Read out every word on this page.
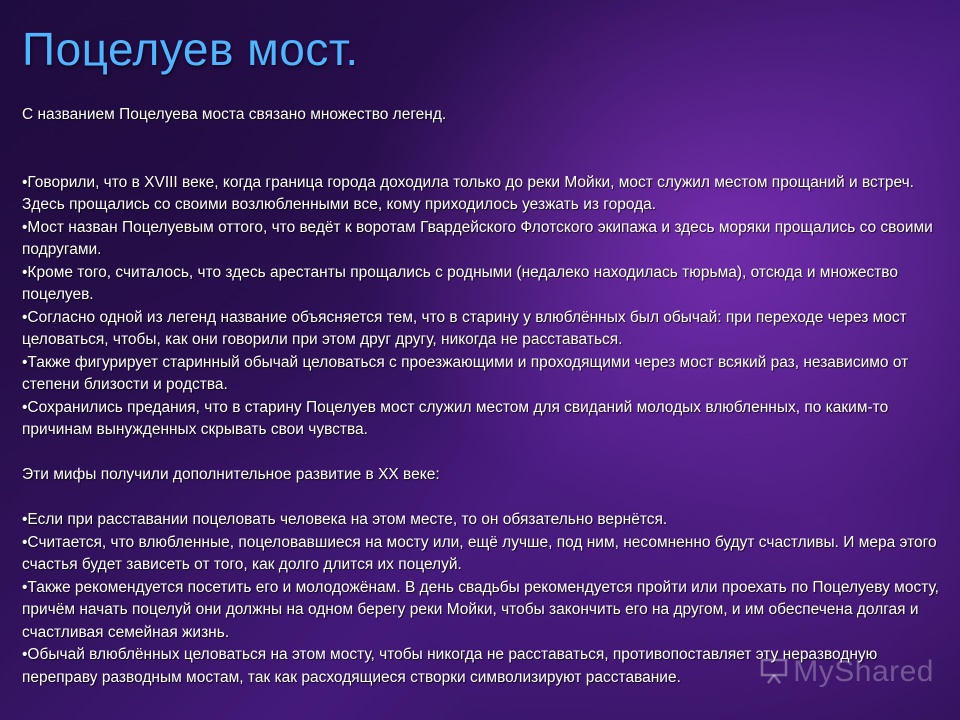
Поцелуев мост.

С названием Поцелуева моста связано множество легенд.

•Говорили, что в XVIII веке, когда граница города доходила только до реки Мойки, мост служил местом прощаний и встреч. Здесь прощались со своими возлюбленными все, кому приходилось уезжать из города.

•Мост назван Поцелуевым оттого, что ведёт к воротам Гвардейского Флотского экипажа и здесь моряки прощались со своими подругами.

•Кроме того, считалось, что здесь арестанты прощались с родными (недалеко находилась тюрьма), отсюда и множество поцелуев.

•Согласно одной из легенд название объясняется тем, что в старину у влюблённых был обычай: при переходе через мост целоваться, чтобы, как они говорили при этом друг другу, никогда не расставаться.

•Также фигурирует старинный обычай целоваться с проезжающими и проходящими через мост всякий раз, независимо от степени близости и родства.

•Сохранились предания, что в старину Поцелуев мост служил местом для свиданий молодых влюбленных, по каким-то причинам вынужденных скрывать свои чувства.

Эти мифы получили дополнительное развитие в XX веке:

•Если при расставании поцеловать человека на этом месте, то он обязательно вернётся.

•Считается, что влюбленные, поцеловавшиеся на мосту или, ещё лучше, под ним, несомненно будут счастливы. И мера этого счастья будет зависеть от того, как долго длится их поцелуй.

•Также рекомендуется посетить его и молодожёнам. В день свадьбы рекомендуется пройти или проехать по Поцелуеву мосту, причём начать поцелуй они должны на одном берегу реки Мойки, чтобы закончить его на другом, и им обеспечена долгая и счастливая семейная жизнь.

•Обычай влюблённых целоваться на этом мосту, чтобы никогда не расставаться, противопоставляет эту неразводную переправу разводным мостам, так как расходящиеся створки символизируют расставание.	MyShared
